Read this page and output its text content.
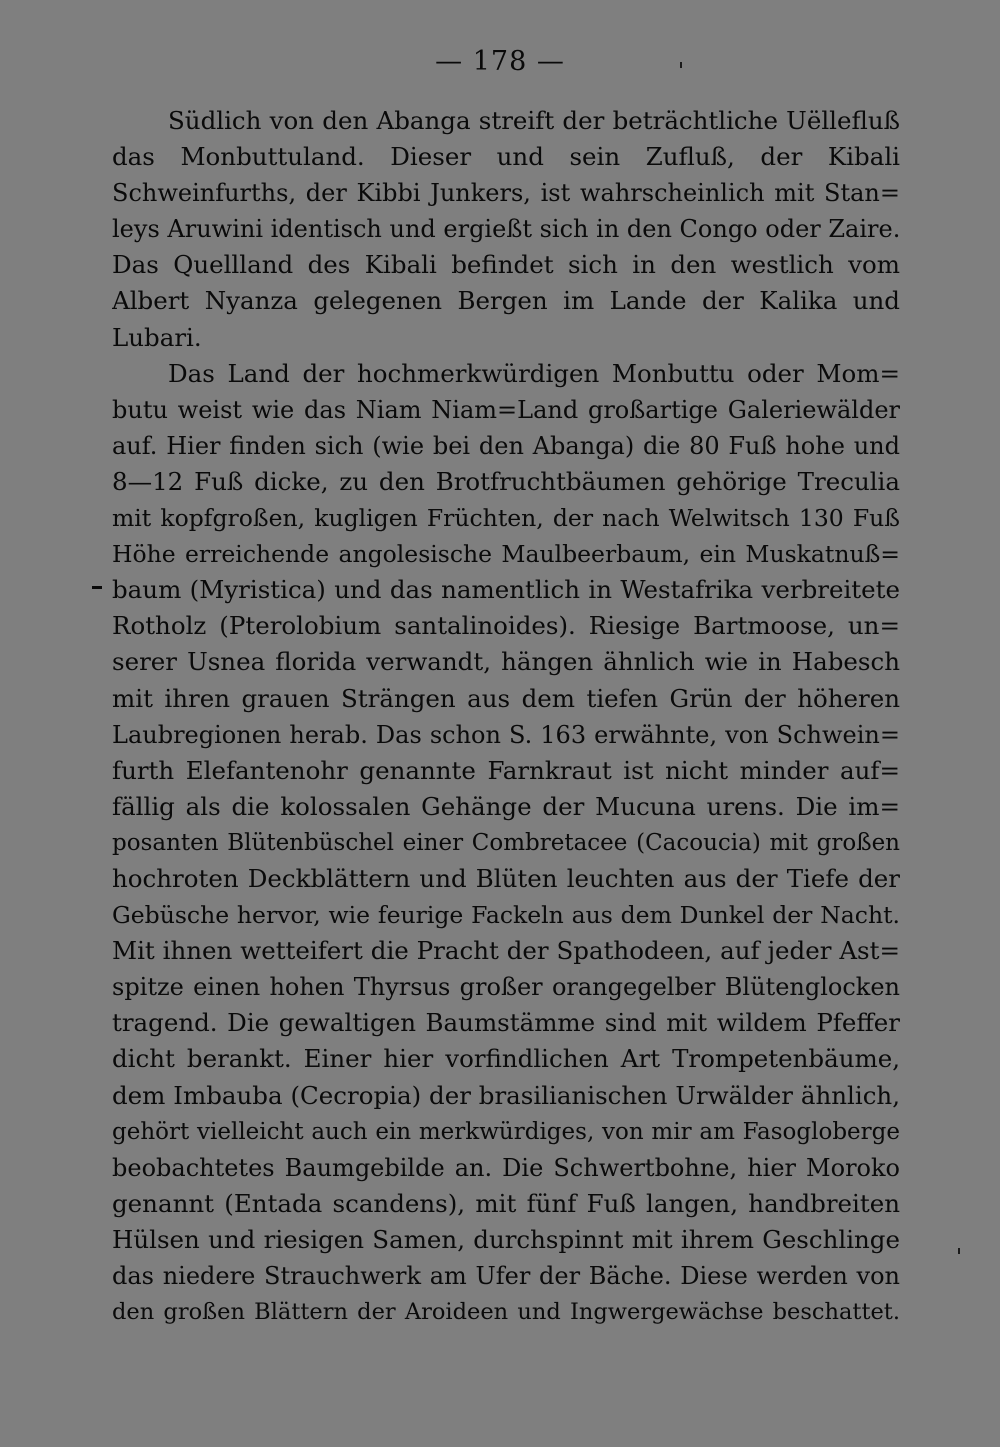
— 178 —
Südlich von den Abanga streift der beträchtliche Uëllefluß
das Monbuttuland. Dieser und sein Zufluß, der Kibali
Schweinfurths, der Kibbi Junkers, ist wahrscheinlich mit Stan=
leys Aruwini identisch und ergießt sich in den Congo oder Zaire.
Das Quellland des Kibali befindet sich in den westlich vom
Albert Nyanza gelegenen Bergen im Lande der Kalika und
Lubari.
Das Land der hochmerkwürdigen Monbuttu oder Mom=
butu weist wie das Niam Niam=Land großartige Galeriewälder
auf. Hier finden sich (wie bei den Abanga) die 80 Fuß hohe und
8—12 Fuß dicke, zu den Brotfruchtbäumen gehörige Treculia
mit kopfgroßen, kugligen Früchten, der nach Welwitsch 130 Fuß
Höhe erreichende angolesische Maulbeerbaum, ein Muskatnuß=
baum (Myristica) und das namentlich in Westafrika verbreitete
Rotholz (Pterolobium santalinoides). Riesige Bartmoose, un=
serer Usnea florida verwandt, hängen ähnlich wie in Habesch
mit ihren grauen Strängen aus dem tiefen Grün der höheren
Laubregionen herab. Das schon S. 163 erwähnte, von Schwein=
furth Elefantenohr genannte Farnkraut ist nicht minder auf=
fällig als die kolossalen Gehänge der Mucuna urens. Die im=
posanten Blütenbüschel einer Combretacee (Cacoucia) mit großen
hochroten Deckblättern und Blüten leuchten aus der Tiefe der
Gebüsche hervor, wie feurige Fackeln aus dem Dunkel der Nacht.
Mit ihnen wetteifert die Pracht der Spathodeen, auf jeder Ast=
spitze einen hohen Thyrsus großer orangegelber Blütenglocken
tragend. Die gewaltigen Baumstämme sind mit wildem Pfeffer
dicht berankt. Einer hier vorfindlichen Art Trompetenbäume,
dem Imbauba (Cecropia) der brasilianischen Urwälder ähnlich,
gehört vielleicht auch ein merkwürdiges, von mir am Fasogloberge
beobachtetes Baumgebilde an. Die Schwertbohne, hier Moroko
genannt (Entada scandens), mit fünf Fuß langen, handbreiten
Hülsen und riesigen Samen, durchspinnt mit ihrem Geschlinge
das niedere Strauchwerk am Ufer der Bäche. Diese werden von
den großen Blättern der Aroideen und Ingwergewächse beschattet.
